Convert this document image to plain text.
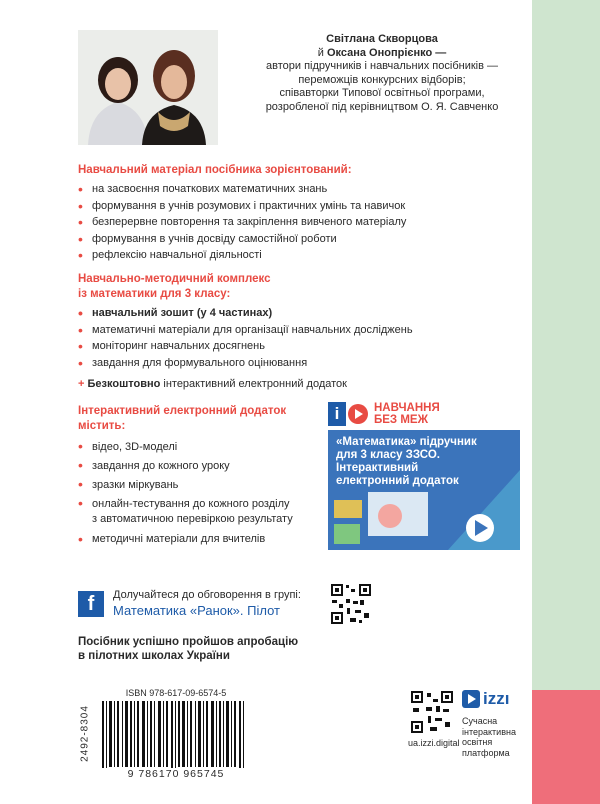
Світлана Скворцова
й Оксана Онопрієнко —
автори підручників і навчальних посібників —
переможців конкурсних відборів;
співавторки Типової освітньої програми,
розробленої під керівництвом О. Я. Савченко
Навчальний матеріал посібника зорієнтований:
• на засвоєння початкових математичних знань
• формування в учнів розумових і практичних умінь та навичок
• безперервне повторення та закріплення вивченого матеріалу
• формування в учнів досвіду самостійної роботи
• рефлексію навчальної діяльності
Навчально-методичний комплекс
із математики для 3 класу:
• навчальний зошит (у 4 частинах)
• математичні матеріали для організації навчальних досліджень
• моніторинг навчальних досягнень
• завдання для формувального оцінювання
+ Безкоштовно інтерактивний електронний додаток
Інтерактивний електронний додаток
містить:
• відео, 3D-моделі
• завдання до кожного уроку
• зразки міркувань
• онлайн-тестування до кожного розділу
з автоматичною перевіркою результату
• методичні матеріали для вчителів
i	НАВЧАННЯ
БЕЗ МЕЖ
«Математика» підручник
для 3 класу ЗЗСО.
Інтерактивний
електронний додаток
f	Долучайтеся до обговорення в групі:
Математика «Ранок». Пілот
Посібник успішно пройшов апробацію
в пілотних школах України
2492-8304
ISBN 978-617-09-6574-5
9 786170 965745
ua.izzi.digital
izzı
Сучасна
інтерактивна
освітня
платформа
